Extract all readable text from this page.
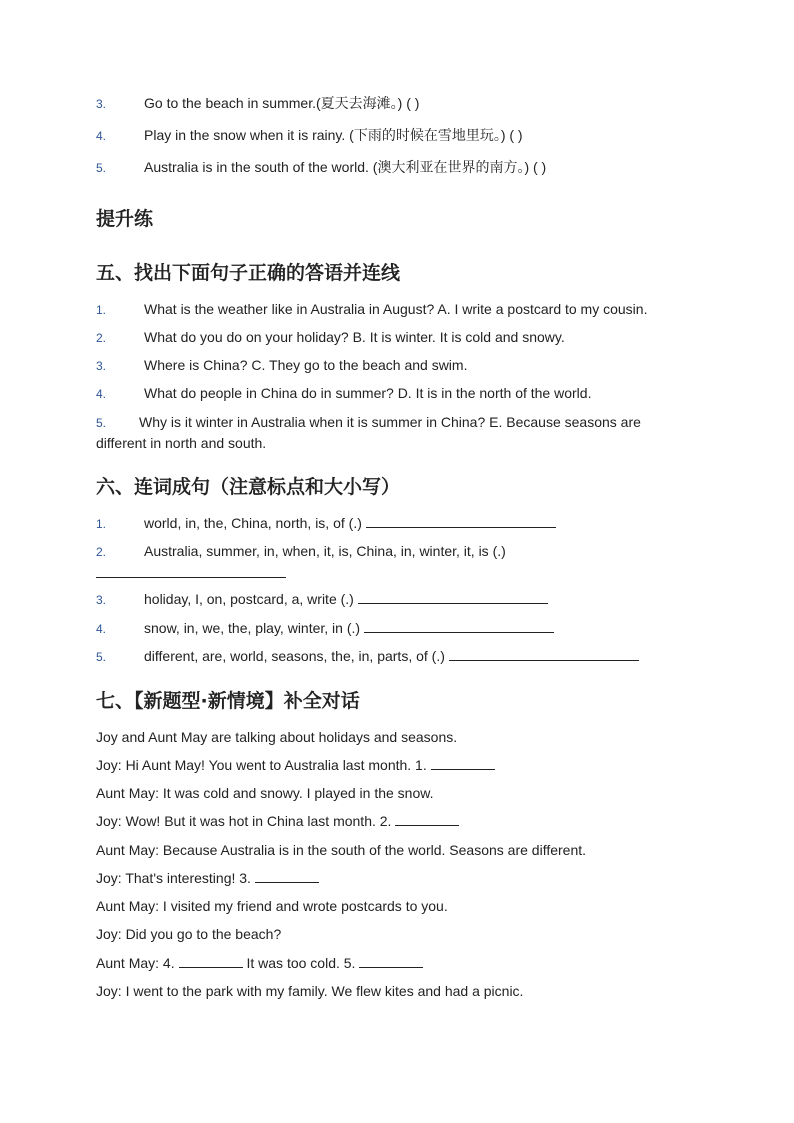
3.	Go to the beach in summer.(夏天去海滩。) ( )
4.	Play in the snow when it is rainy. (下雨的时候在雪地里玩。) ( )
5.	Australia is in the south of the world. (澳大利亚在世界的南方。) ( )
提升练
五、找出下面句子正确的答语并连线
1.	What is the weather like in Australia in August? A. I write a postcard to my cousin.
2.	What do you do on your holiday? B. It is winter. It is cold and snowy.
3.	Where is China? C. They go to the beach and swim.
4.	What do people in China do in summer? D. It is in the north of the world.
5. Why is it winter in Australia when it is summer in China? E. Because seasons are different in north and south.
六、连词成句（注意标点和大小写）
1.	world, in, the, China, north, is, of (.)
2.	Australia, summer, in, when, it, is, China, in, winter, it, is (.)
3.	holiday, I, on, postcard, a, write (.)
4.	snow, in, we, the, play, winter, in (.)
5.	different, are, world, seasons, the, in, parts, of (.)
七、【新题型·新情境】补全对话
Joy and Aunt May are talking about holidays and seasons.
Joy: Hi Aunt May! You went to Australia last month. 1.
Aunt May: It was cold and snowy. I played in the snow.
Joy: Wow! But it was hot in China last month. 2.
Aunt May: Because Australia is in the south of the world. Seasons are different.
Joy: That's interesting! 3.
Aunt May: I visited my friend and wrote postcards to you.
Joy: Did you go to the beach?
Aunt May: 4.	It was too cold. 5.
Joy: I went to the park with my family. We flew kites and had a picnic.
